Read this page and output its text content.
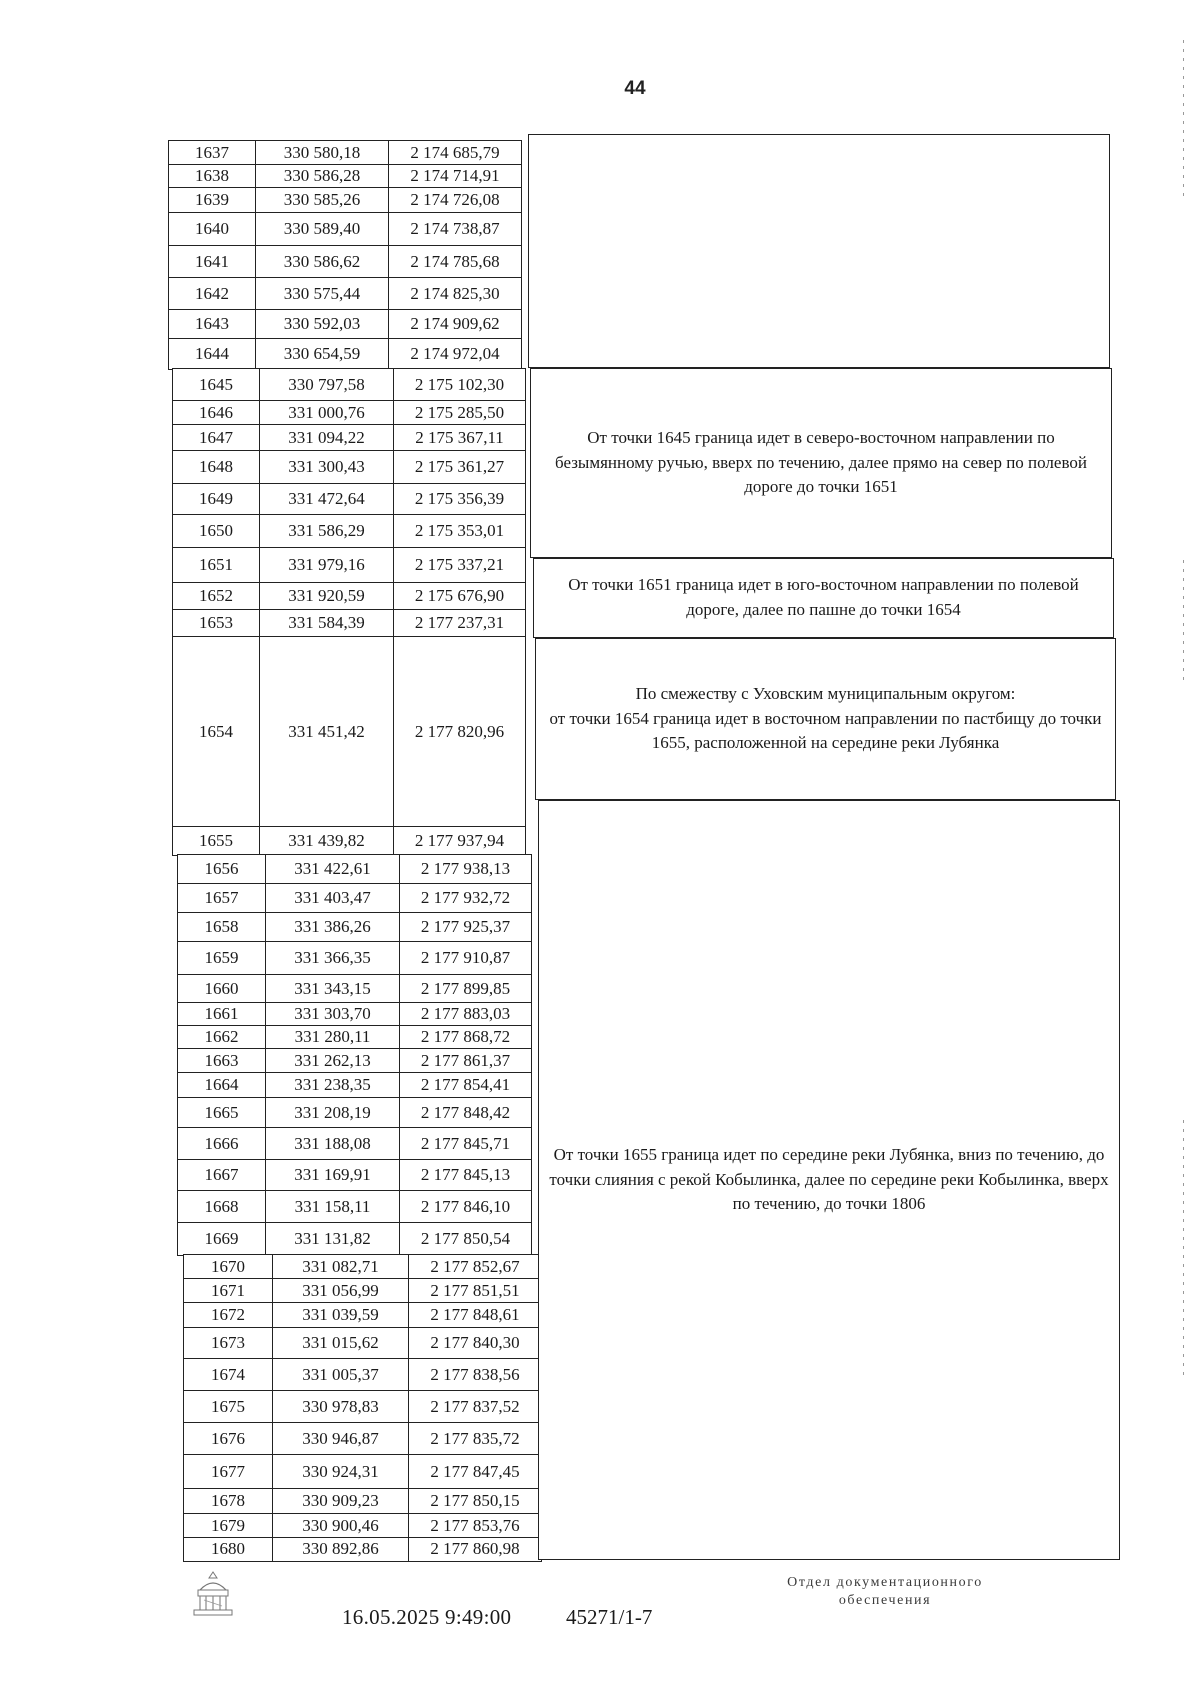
44
1637	330 580,18	2 174 685,79
1638	330 586,28	2 174 714,91
1639	330 585,26	2 174 726,08
1640	330 589,40	2 174 738,87
1641	330 586,62	2 174 785,68
1642	330 575,44	2 174 825,30
1643	330 592,03	2 174 909,62
1644	330 654,59	2 174 972,04
1645	330 797,58	2 175 102,30
1646	331 000,76	2 175 285,50
1647	331 094,22	2 175 367,11
1648	331 300,43	2 175 361,27
1649	331 472,64	2 175 356,39
1650	331 586,29	2 175 353,01
1651	331 979,16	2 175 337,21
1652	331 920,59	2 175 676,90
1653	331 584,39	2 177 237,31
1654	331 451,42	2 177 820,96
1655	331 439,82	2 177 937,94
1656	331 422,61	2 177 938,13
1657	331 403,47	2 177 932,72
1658	331 386,26	2 177 925,37
1659	331 366,35	2 177 910,87
1660	331 343,15	2 177 899,85
1661	331 303,70	2 177 883,03
1662	331 280,11	2 177 868,72
1663	331 262,13	2 177 861,37
1664	331 238,35	2 177 854,41
1665	331 208,19	2 177 848,42
1666	331 188,08	2 177 845,71
1667	331 169,91	2 177 845,13
1668	331 158,11	2 177 846,10
1669	331 131,82	2 177 850,54
1670	331 082,71	2 177 852,67
1671	331 056,99	2 177 851,51
1672	331 039,59	2 177 848,61
1673	331 015,62	2 177 840,30
1674	331 005,37	2 177 838,56
1675	330 978,83	2 177 837,52
1676	330 946,87	2 177 835,72
1677	330 924,31	2 177 847,45
1678	330 909,23	2 177 850,15
1679	330 900,46	2 177 853,76
1680	330 892,86	2 177 860,98
От точки 1645 граница идет в северо-восточном направлении по безымянному ручью, вверх по течению, далее прямо на север по полевой дороге до точки 1651
От точки 1651 граница идет в юго-восточном направлении по полевой дороге, далее по пашне до точки 1654
По смежеству с Уховским муниципальным округом:
от точки 1654 граница идет в восточном направлении по пастбищу до точки 1655, расположенной на середине реки Лубянка
От точки 1655 граница идет по середине реки Лубянка, вниз по течению, до точки слияния с рекой Кобылинка, далее по середине реки Кобылинка, вверх по течению, до точки 1806
16.05.2025 9:49:00	45271/1-7
Отдел документационного обеспечения
